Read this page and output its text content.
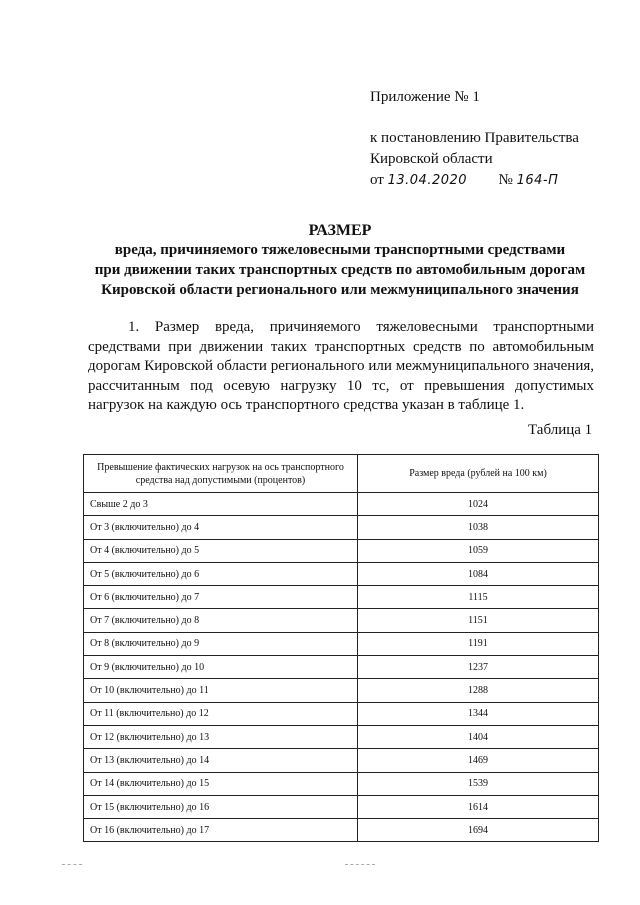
Приложение № 1
к постановлению Правительства
Кировской области
от 13.04.2020 № 164-П
РАЗМЕР
вреда, причиняемого тяжеловесными транспортными средствами
при движении таких транспортных средств по автомобильным дорогам
Кировской области регионального или межмуниципального значения
1. Размер вреда, причиняемого тяжеловесными транспортными средствами при движении таких транспортных средств по автомобильным дорогам Кировской области регионального или межмуниципального значения, рассчитанным под осевую нагрузку 10 тс, от превышения допустимых нагрузок на каждую ось транспортного средства указан в таблице 1.
Таблица 1
Превышение фактических нагрузок на ось транспортного средства над допустимыми (процентов)	Размер вреда (рублей на 100 км)
Свыше 2 до 3	1024
От 3 (включительно) до 4	1038
От 4 (включительно) до 5	1059
От 5 (включительно) до 6	1084
От 6 (включительно) до 7	1115
От 7 (включительно) до 8	1151
От 8 (включительно) до 9	1191
От 9 (включительно) до 10	1237
От 10 (включительно) до 11	1288
От 11 (включительно) до 12	1344
От 12 (включительно) до 13	1404
От 13 (включительно) до 14	1469
От 14 (включительно) до 15	1539
От 15 (включительно) до 16	1614
От 16 (включительно) до 17	1694
